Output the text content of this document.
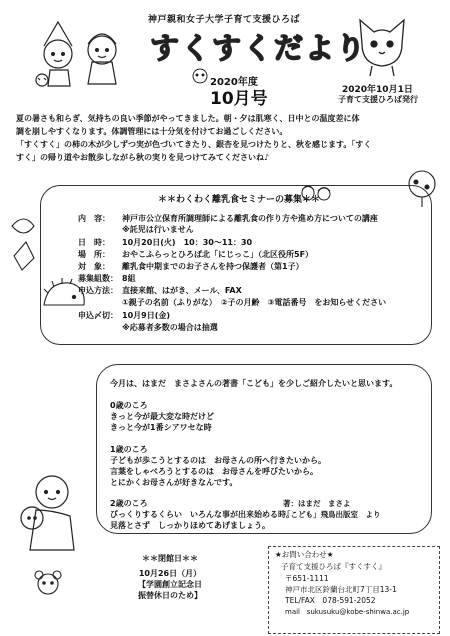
神戸親和女子大学子育て支援ひろば
すくすくだより
2020年度
10月号	2020年10月1日
子育て支援ひろば発行

夏の暑さも和らぎ、気持ちの良い季節がやってきました。朝・夕は肌寒く、日中との温度差に体

調を崩しやすくなります。体調管理には十分気を付けてお過ごしください。

「すくすく」の柿の木が少しずつ実が色づいてきたり、銀杏を見つけたりと、秋を感じます。「すく

すく」の帰り道やお散歩しながら秋の実りを見つけてみてくださいね♪

＊＊わくわく離乳食セミナーの募集＊＊
内　容： 神戸市公立保育所調理師による離乳食の作り方や進め方についての講座
※託児は行いません
日　時： 10月20日(火)　10：30～11：30
場　所： おやこふらっとひろば北「にじっこ」（北区役所5F）
対　象： 離乳食中期までのお子さんを持つ保護者（第1子）
募集組数： 8組
申込方法： 直接来館、はがき、メール、FAX
①親子の名前（ふりがな）　②子の月齢　③電話番号　をお知らせください
申込〆切： 10月9日(金)
※応募者多数の場合は抽選
今月は、はまだ　まさよさんの著書「こども」を少しご紹介したいと思います。
0歳のころ
きっと今が最大変な時だけど
きっと今が1番シアワセな時
1歳のころ
子どもが歩こうとするのは　お母さんの所へ行きたいから。
言葉をしゃべろうとするのは　お母さんを呼びたいから。
とにかくお母さんが好きなんです。
2歳のころ
びっくりするくらい　いろんな事が出来始める時。
見落とさず　しっかりほめてあげましょう。
著：はまだ　まさよ
「こども」飛鳥出版室　より
＊＊閉館日＊＊
10月26日（月）
【学園創立記念日
振替休日のため】
★お問い合わせ★
子育て支援ひろば『すくすく』
〒651-1111
神戸市北区鈴蘭台北町7丁目13-1
TEL/FAX　078-591-2052
mail sukusuku@kobe-shinwa.ac.jp
